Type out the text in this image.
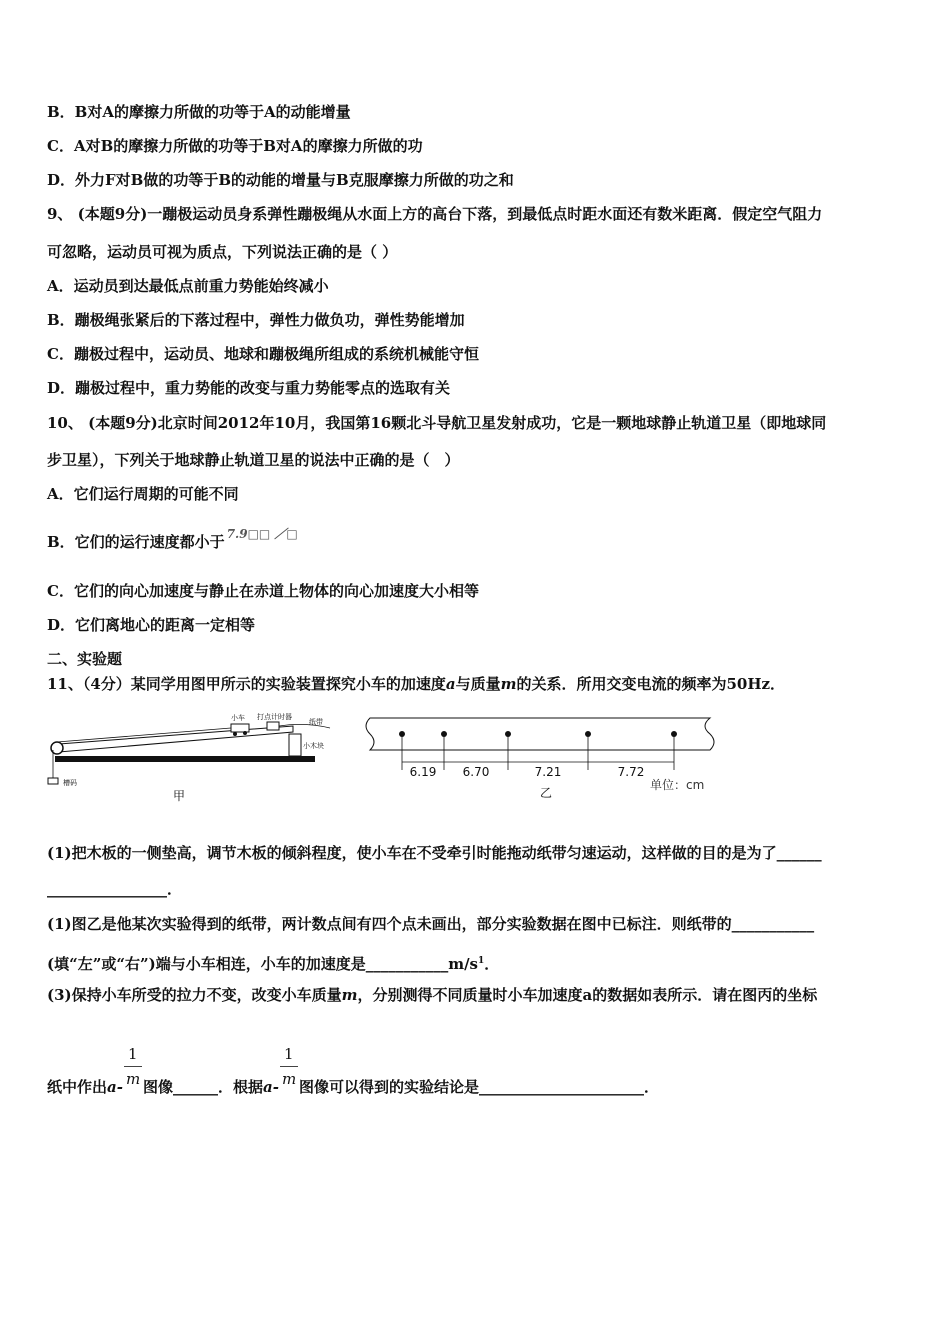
B．B对A的摩擦力所做的功等于A的动能增量
C．A对B的摩擦力所做的功等于B对A的摩擦力所做的功
D．外力F对B做的功等于B的动能的增量与B克服摩擦力所做的功之和
9、 (本题9分)一蹦极运动员身系弹性蹦极绳从水面上方的高台下落，到最低点时距水面还有数米距离．假定空气阻力
可忽略，运动员可视为质点，下列说法正确的是（ ）
A．运动员到达最低点前重力势能始终减小
B．蹦极绳张紧后的下落过程中，弹性力做负功，弹性势能增加
C．蹦极过程中，运动员、地球和蹦极绳所组成的系统机械能守恒
D．蹦极过程中，重力势能的改变与重力势能零点的选取有关
10、 (本题9分)北京时间2012年10月，我国第16颗北斗导航卫星发射成功，它是一颗地球静止轨道卫星（即地球同
步卫星），下列关于地球静止轨道卫星的说法中正确的是（　）
A．它们运行周期的可能不同
B．它们的运行速度都小于 $^{7.9□□ /□}$
C．它们的向心加速度与静止在赤道上物体的向心加速度大小相等
D．它们离地心的距离一定相等
二、实验题
11、（4分）某同学用图甲所示的实验装置探究小车的加速度a与质量m的关系．所用交变电流的频率为50Hz．
小车 打点计时器
纸带
小木块
槽码
甲
6.19 6.70	7.21	7.72
单位：cm
乙
(1)把木板的一侧垫高，调节木板的倾斜程度，使小车在不受牵引时能拖动纸带匀速运动，这样做的目的是为了______
________________．
(1)图乙是他某次实验得到的纸带，两计数点间有四个点未画出，部分实验数据在图中已标注．则纸带的___________
(填“左”或“右”)端与小车相连，小车的加速度是$\_\_\_\_\_\_\_\_\_\_\_m/s^1$．
(3)保持小车所受的拉力不变，改变小车质量m，分别测得不同质量时小车加速度a的数据如表所示．请在图丙的坐标
纸中作出$a- \frac{1}{m}$ 图像______．根据$a- \frac{1}{m}$ 图像可以得到的实验结论是______________________．
